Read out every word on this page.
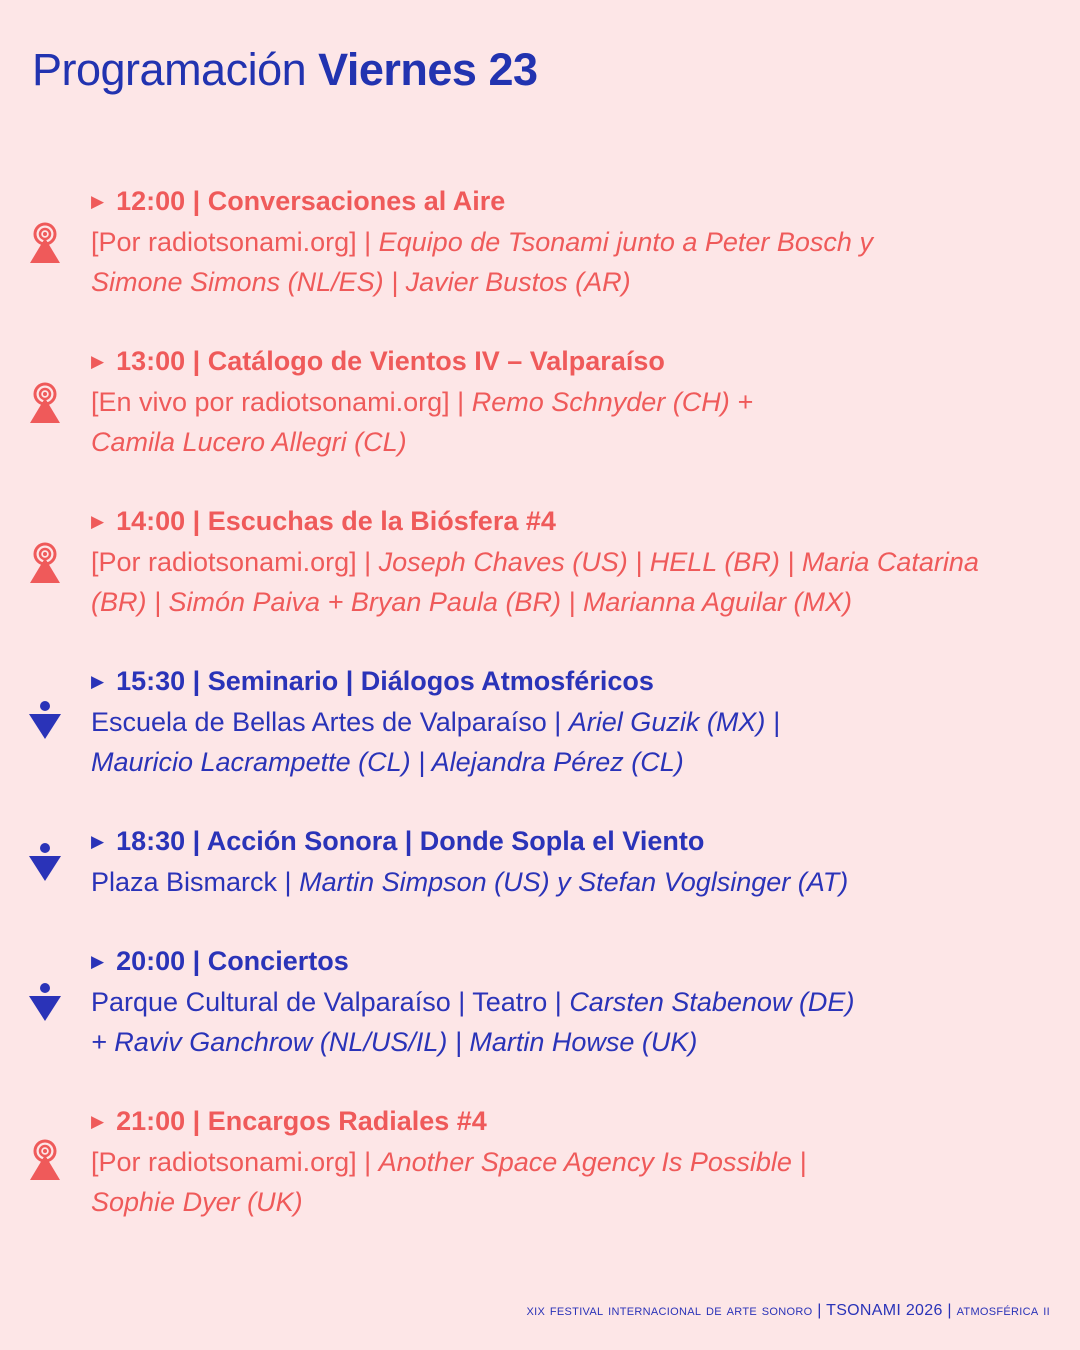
Programación Viernes 23
▶ 12:00 | Conversaciones al Aire
[Por radiotsonami.org] | Equipo de Tsonami junto a Peter Bosch y
Simone Simons (NL/ES) | Javier Bustos (AR)
▶ 13:00 | Catálogo de Vientos IV – Valparaíso
[En vivo por radiotsonami.org] | Remo Schnyder (CH) +
Camila Lucero Allegri (CL)
▶ 14:00 | Escuchas de la Biósfera #4
[Por radiotsonami.org] | Joseph Chaves (US) | HELL (BR) | Maria Catarina
(BR) | Simón Paiva + Bryan Paula (BR) | Marianna Aguilar (MX)
▶ 15:30 | Seminario | Diálogos Atmosféricos
Escuela de Bellas Artes de Valparaíso | Ariel Guzik (MX) |
Mauricio Lacrampette (CL) | Alejandra Pérez (CL)
▶ 18:30 | Acción Sonora | Donde Sopla el Viento
Plaza Bismarck | Martin Simpson (US) y Stefan Voglsinger (AT)
▶ 20:00 | Conciertos
Parque Cultural de Valparaíso | Teatro | Carsten Stabenow (DE)
+ Raviv Ganchrow (NL/US/IL) | Martin Howse (UK)
▶ 21:00 | Encargos Radiales #4
[Por radiotsonami.org] | Another Space Agency Is Possible |
Sophie Dyer (UK)
xix festival internacional de arte sonoro | TSONAMI 2026 | atmosférica ii
